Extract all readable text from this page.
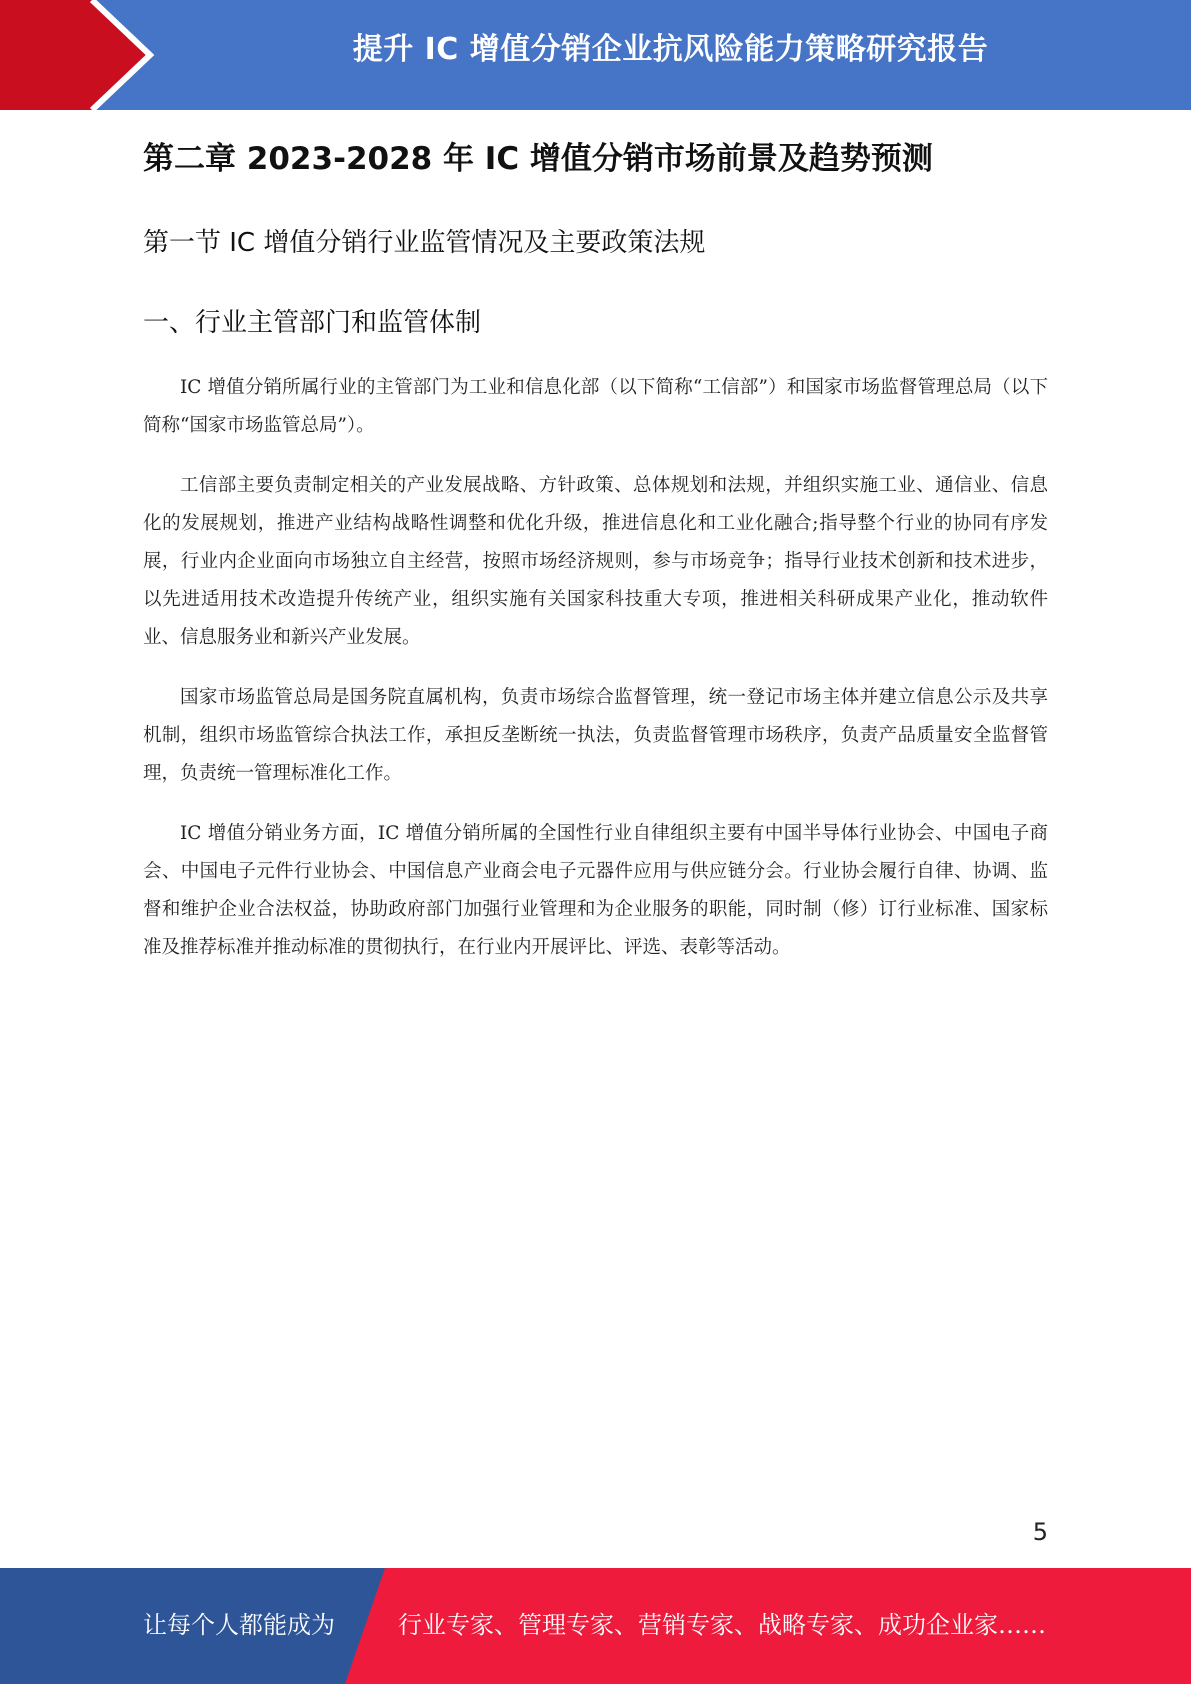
提升 IC 增值分销企业抗风险能力策略研究报告
第二章 2023-2028 年 IC 增值分销市场前景及趋势预测
第一节 IC 增值分销行业监管情况及主要政策法规
一、行业主管部门和监管体制

IC 增值分销所属行业的主管部门为工业和信息化部（以下简称“工信部”）和国家市场监督管理总局（以下简称“国家市场监管总局”）。

工信部主要负责制定相关的产业发展战略、方针政策、总体规划和法规，并组织实施工业、通信业、信息化的发展规划，推进产业结构战略性调整和优化升级，推进信息化和工业化融合;指导整个行业的协同有序发展，行业内企业面向市场独立自主经营，按照市场经济规则，参与市场竞争；指导行业技术创新和技术进步，以先进适用技术改造提升传统产业，组织实施有关国家科技重大专项，推进相关科研成果产业化，推动软件业、信息服务业和新兴产业发展。

国家市场监管总局是国务院直属机构，负责市场综合监督管理，统一登记市场主体并建立信息公示及共享机制，组织市场监管综合执法工作，承担反垄断统一执法，负责监督管理市场秩序，负责产品质量安全监督管理，负责统一管理标准化工作。

IC 增值分销业务方面，IC 增值分销所属的全国性行业自律组织主要有中国半导体行业协会、中国电子商会、中国电子元件行业协会、中国信息产业商会电子元器件应用与供应链分会。行业协会履行自律、协调、监督和维护企业合法权益，协助政府部门加强行业管理和为企业服务的职能，同时制（修）订行业标准、国家标准及推荐标准并推动标准的贯彻执行，在行业内开展评比、评选、表彰等活动。

5
让每个人都能成为	行业专家、管理专家、营销专家、战略专家、成功企业家……
